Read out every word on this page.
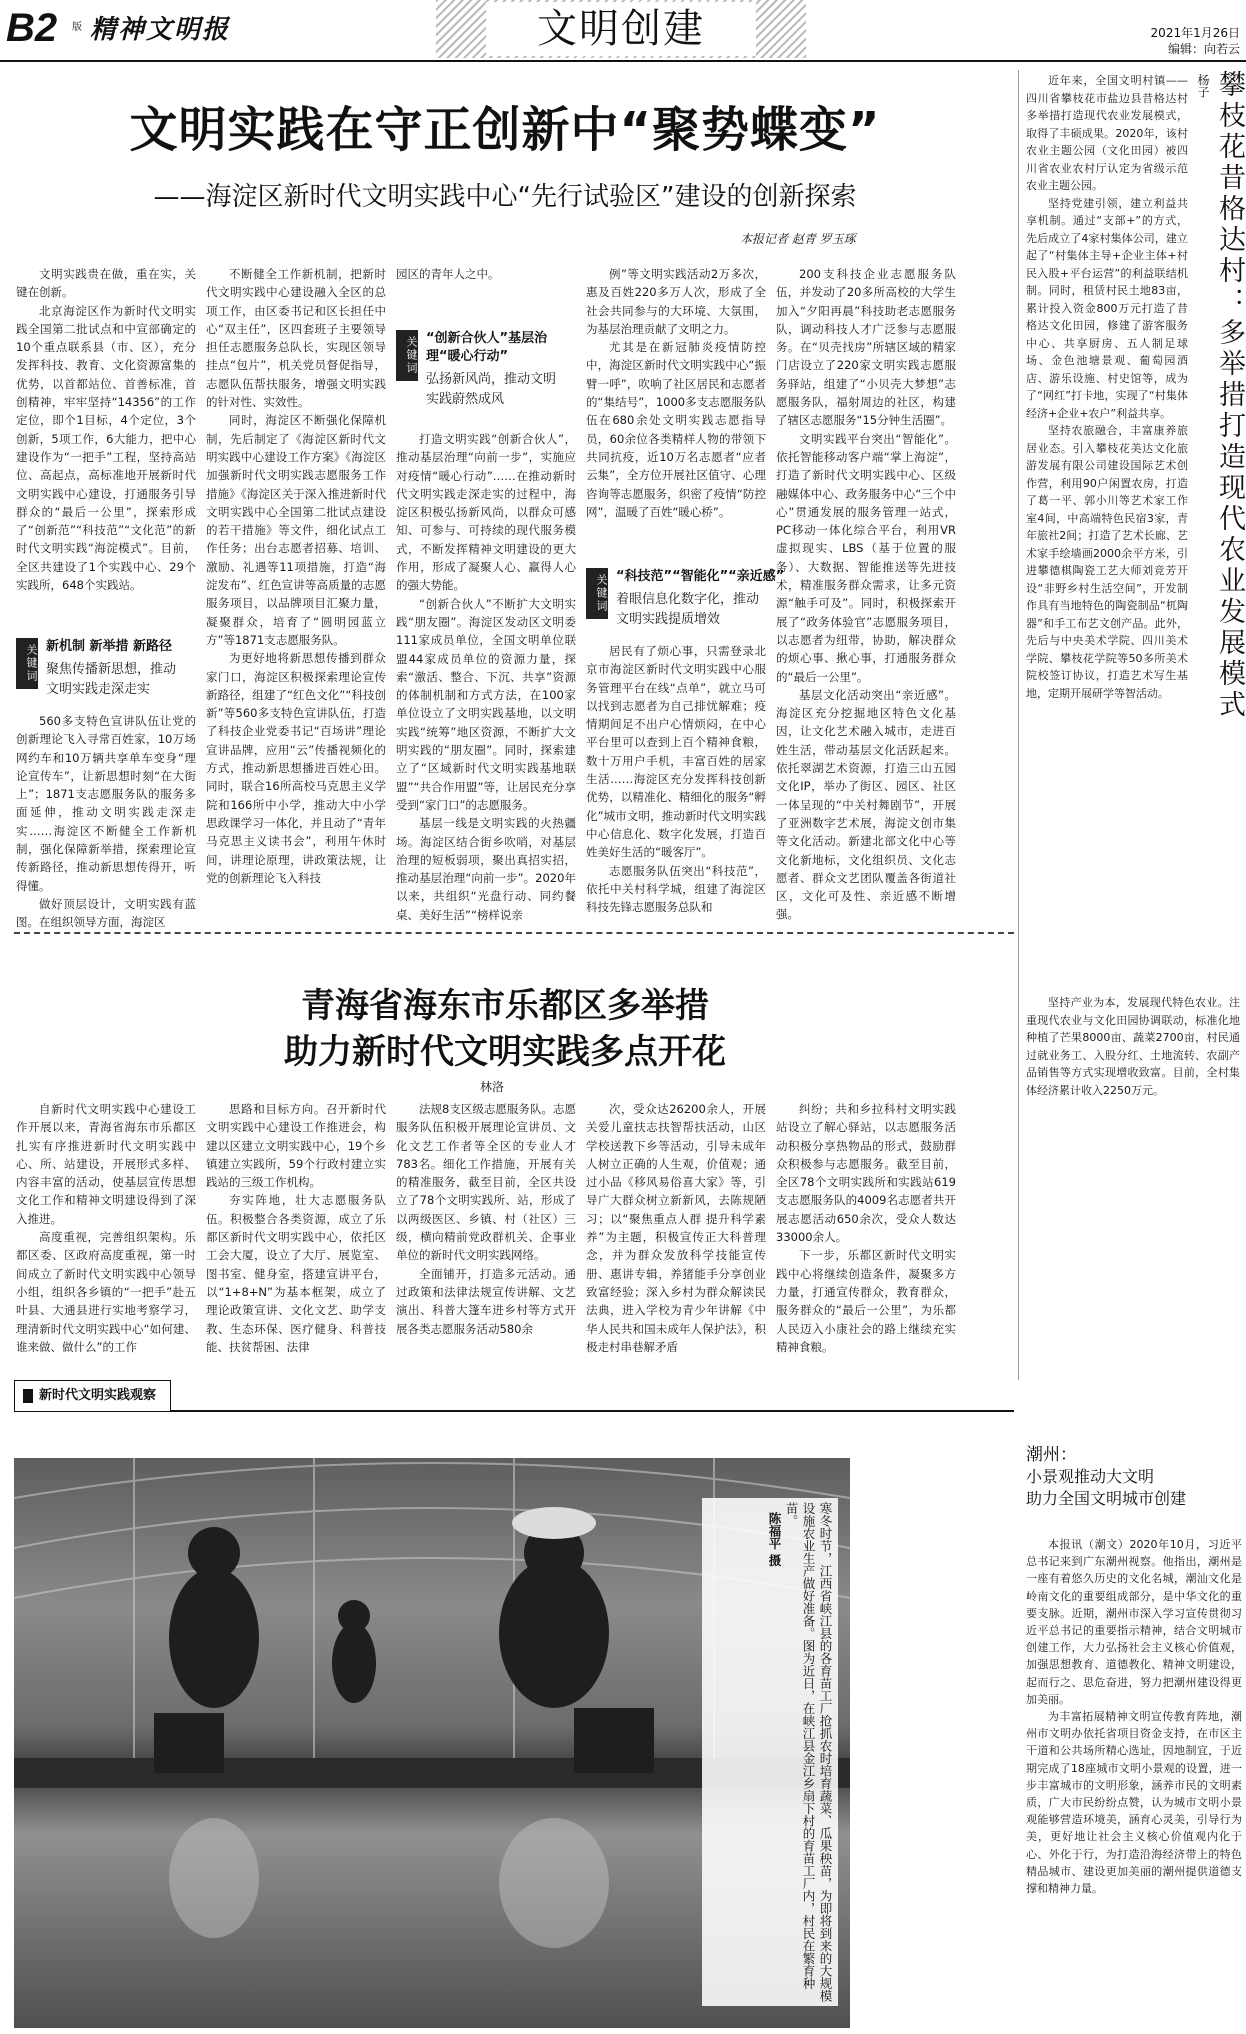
B2 版 精神文明报	文明创建	2021年1月26日
编辑：向若云
文明实践在守正创新中“聚势蝶变”
——海淀区新时代文明实践中心“先行试验区”建设的创新探索
本报记者 赵青 罗玉琢

文明实践贵在做，重在实，关键在创新。

北京海淀区作为新时代文明实践全国第二批试点和中宣部确定的10个重点联系县（市、区），充分发挥科技、教育、文化资源富集的优势，以首都站位、首善标准，首创精神，牢牢坚持“14356”的工作定位，即个1目标，4个定位，3个创新，5项工作，6大能力，把中心建设作为“一把手”工程，坚持高站位、高起点，高标准地开展新时代文明实践中心建设，打通服务引导群众的“最后一公里”，探索形成了“创新范”“科技范”“文化范”的新时代文明实践“海淀模式”。目前，全区共建设了1个实践中心、29个实践所，648个实践站。

关键词 新机制 新举措 新路径
聚焦传播新思想，推动
文明实践走深走实

560多支特色宣讲队伍让党的创新理论飞入寻常百姓家，10万场网约车和10万辆共享单车变身“理论宣传车”，让新思想时刻“在大街上”；1871支志愿服务队的服务多面延伸，推动文明实践走深走实……海淀区不断健全工作新机制，强化保障新举措，探索理论宣传新路径，推动新思想传得开，听得懂。

做好顶层设计，文明实践有蓝图。在组织领导方面，海淀区

不断健全工作新机制，把新时代文明实践中心建设融入全区的总项工作，由区委书记和区长担任中心“双主任”，区四套班子主要领导担任志愿服务总队长，实现区领导挂点“包片”，机关党员督促指导，志愿队伍帮扶服务，增强文明实践的针对性、实效性。

同时，海淀区不断强化保障机制，先后制定了《海淀区新时代文明实践中心建设工作方案》《海淀区加强新时代文明实践志愿服务工作措施》《海淀区关于深入推进新时代文明实践中心全国第二批试点建设的若干措施》等文件，细化试点工作任务；出台志愿者招募、培训、激励、礼遇等11项措施，打造“海淀发布”、红色宣讲等高质量的志愿服务项目，以品牌项目汇聚力量，凝聚群众，培育了“圆明园蓝立方”等1871支志愿服务队。

为更好地将新思想传播到群众家门口，海淀区积极探索理论宣传新路径，组建了“红色文化”“科技创新”等560多支特色宣讲队伍，打造了科技企业党委书记“百场讲”理论宣讲品牌，应用“云”传播视频化的方式，推动新思想播进百姓心田。同时，联合16所高校马克思主义学院和166所中小学，推动大中小学思政课学习一体化，并且动了“青年马克思主义读书会”，利用午休时间，讲理论原理，讲政策法规，让党的创新理论飞入科技

园区的青年人之中。

关键词 “创新合伙人”基层治理“暖心行动”
弘扬新风尚，推动文明
实践蔚然成风

打造文明实践“创新合伙人”，推动基层治理“向前一步”，实施应对疫情“暖心行动”……在推动新时代文明实践走深走实的过程中，海淀区积极弘扬新风尚，以群众可感知、可参与、可持续的现代服务模式，不断发挥精神文明建设的更大作用，形成了凝聚人心、赢得人心的强大势能。

“创新合伙人”不断扩大文明实践“朋友圈”。海淀区发动区文明委111家成员单位，全国文明单位联盟44家成员单位的资源力量，探索“激活、整合、下沉、共享”资源的体制机制和方式方法，在100家单位设立了文明实践基地，以文明实践“统筹”地区资源，不断扩大文明实践的“朋友圈”。同时，探索建立了“区域新时代文明实践基地联盟”“共合作用盟”等，让居民充分享受到“家门口”的志愿服务。

基层一线是文明实践的火热疆场。海淀区结合街乡吹哨，对基层治理的短板弱项，聚出真招实招，推动基层治理“向前一步”。2020年以来，共组织“光盘行动、同约餐桌、美好生活”“榜样说亲

例”等文明实践活动2万多次，惠及百姓220多万人次，形成了全社会共同参与的大环境、大氛围，为基层治理贡献了文明之力。

尤其是在新冠肺炎疫情防控中，海淀区新时代文明实践中心“振臂一呼”，吹响了社区居民和志愿者的“集结号”，1000多支志愿服务队伍在680余处文明实践志愿指导员，60余位各类精样人物的带领下共同抗疫，近10万名志愿者“应者云集”，全方位开展社区值守、心理咨询等志愿服务，织密了疫情“防控网”，温暖了百姓“暖心桥”。

关键词 “科技范”“智能化”“亲近感”
着眼信息化数字化，推动
文明实践提质增效

居民有了烦心事，只需登录北京市海淀区新时代文明实践中心服务管理平台在线“点单”，就立马可以找到志愿者为自己排忧解难；疫情期间足不出户心情烦闷，在中心平台里可以查到上百个精神食粮，数十万用户手机，丰富百姓的居家生活……海淀区充分发挥科技创新优势，以精准化、精细化的服务“孵化”城市文明，推动新时代文明实践中心信息化、数字化发展，打造百姓美好生活的“暖客厅”。

志愿服务队伍突出“科技范”，依托中关村科学城，组建了海淀区科技先锋志愿服务总队和

200支科技企业志愿服务队伍，并发动了20多所高校的大学生加入“夕阳再晨”科技助老志愿服务队，调动科技人才广泛参与志愿服务。在“贝壳找房”所辖区域的精家门店设立了220家文明实践志愿服务驿站，组建了“小贝壳大梦想”志愿服务队，福射周边的社区，构建了辖区志愿服务“15分钟生活圈”。

文明实践平台突出“智能化”。依托智能移动客户端“掌上海淀”，打造了新时代文明实践中心、区级融媒体中心、政务服务中心“三个中心”贯通发展的服务管理一站式，PC移动一体化综合平台，利用VR虚拟现实、LBS（基于位置的服务）、大数据、智能推送等先进技术，精准服务群众需求，让多元资源“触手可及”。同时，积极探索开展了“政务体验官”志愿服务项目，以志愿者为纽带，协助，解决群众的烦心事、揪心事，打通服务群众的“最后一公里”。

基层文化活动突出“亲近感”。海淀区充分挖掘地区特色文化基因，让文化艺术融入城市，走进百姓生活，带动基层文化活跃起来。依托翠湖艺术资源，打造三山五园文化IP，举办了街区、园区、社区一体呈现的“中关村舞剧节”，开展了亚洲数字艺术展，海淀文创市集等文化活动。新建北部文化中心等文化新地标，文化组织员、文化志愿者、群众文艺团队覆盖各街道社区，文化可及性、亲近感不断增强。

杨子 攀枝花昔格达村：多举措打造现代农业发展模式

近年来，全国文明村镇——四川省攀枝花市盐边县昔格达村多举措打造现代农业发展模式，取得了丰硕成果。2020年，该村农业主题公园（文化田园）被四川省农业农村厅认定为省级示范农业主题公园。

坚持党建引领，建立利益共享机制。通过“支部+”的方式，先后成立了4家村集体公司，建立起了“村集体主导+企业主体+村民入股+平台运营”的利益联结机制。同时，租赁村民土地83亩，累计投入资金800万元打造了昔格达文化田园，修建了游客服务中心、共享厨房、五人制足球场、金色池塘景观、葡萄园酒店、游乐设施、村史馆等，成为了“网红”打卡地，实现了“村集体经济+企业+农户”利益共享。

坚持农旅融合，丰富康养旅居业态。引入攀枝花美达文化旅游发展有限公司建设国际艺术创作营，利用90户闲置农房，打造了葛一平、郭小川等艺术家工作室4间，中高端特色民宿3家，青年旅社2间；打造了艺术长廊、艺术家手绘墙画2000余平方米，引进攀德棋陶瓷工艺大师刘竞芳开设“非野乡村生活空间”，开发制作具有当地特色的陶瓷制品“杌陶器”和手工布艺文创产品。此外，先后与中央美术学院、四川美术学院、攀枝花学院等50多所美术院校签订协议，打造艺术写生基地，定期开展研学等智活动。

坚持产业为本，发展现代特色农业。注重现代农业与文化田园协调联动，标准化地种植了芒果8000亩、蔬菜2700亩，村民通过就业务工、入股分红、土地流转、农副产品销售等方式实现增收致富。目前，全村集体经济累计收入2250万元。

青海省海东市乐都区多举措
助力新时代文明实践多点开花
林洛

自新时代文明实践中心建设工作开展以来，青海省海东市乐都区扎实有序推进新时代文明实践中心、所、站建设，开展形式多样、内容丰富的活动，使基层宣传思想文化工作和精神文明建设得到了深入推进。

高度重视，完善组织架构。乐都区委、区政府高度重视，第一时间成立了新时代文明实践中心领导小组，组织各乡镇的“一把手”赴五叶县、大通县进行实地考察学习，理清新时代文明实践中心“如何建、谁来做、做什么”的工作

思路和目标方向。召开新时代文明实践中心建设工作推进会，构建以区建立文明实践中心，19个乡镇建立实践所，59个行政村建立实践站的三级工作机构。

夯实阵地，壮大志愿服务队伍。积极整合各类资源，成立了乐都区新时代文明实践中心，依托区工会大厦，设立了大厅、展览室、图书室、健身室，搭建宣讲平台，以“1+8+N”为基本框架，成立了理论政策宣讲、文化文艺、助学支教、生态环保、医疗健身、科普技能、扶贫帮困、法律

法规8支区级志愿服务队。志愿服务队伍积极开展理论宣讲员、文化文艺工作者等全区的专业人才783名。细化工作措施，开展有关的精准服务，截至目前，全区共设立了78个文明实践所、站，形成了以两级医区、乡镇、村（社区）三级，横向精前党政群机关、企事业单位的新时代文明实践网络。

全面铺开，打造多元活动。通过政策和法律法规宣传讲解、文艺演出、科普大篷车进乡村等方式开展各类志愿服务活动580余

次，受众达26200余人，开展关爱儿童扶志扶智帮扶活动，山区学校送教下乡等活动，引导未成年人树立正确的人生观，价值观；通过小品《移风易俗喜大家》等，引导广大群众树立新新风，去陈规陋习；以“聚焦重点人群 提升科学素养”为主题，积极宣传正大科普理念，并为群众发放科学技能宣传册、惠讲专辑，养猪能手分享创业致富经验；深入乡村为群众解读民法典，进入学校为青少年讲解《中华人民共和国未成年人保护法》，积极走村串巷解矛盾

纠纷；共和乡拉科村文明实践站设立了解心驿站，以志愿服务活动积极分享热物品的形式，鼓励群众积极参与志愿服务。截至目前，全区78个文明实践所和实践站619支志愿服务队的4009名志愿者共开展志愿活动650余次，受众人数达33000余人。

下一步，乐都区新时代文明实践中心将继续创造条件，凝聚多方力量，打通宣传群众，教育群众，服务群众的“最后一公里”，为乐都人民迈入小康社会的路上继续充实精神食粮。

新时代文明实践观察
寒冬时节，江西省峡江县的各育苗工厂抢抓农时培育蔬菜、瓜果秧苗，为即将到来的大规模设施农业生产做好准备。图为近日，在峡江县金江乡扇下村的育苗工厂内，村民在繁育种苗。
陈福平 摄
潮州：
小景观推动大文明
助力全国文明城市创建

本报讯（潮文）2020年10月，习近平总书记来到广东潮州视察。他指出，潮州是一座有着悠久历史的文化名城，潮汕文化是岭南文化的重要组成部分，是中华文化的重要支脉。近期，潮州市深入学习宣传贯彻习近平总书记的重要指示精神，结合文明城市创建工作，大力弘扬社会主义核心价值观，加强思想教育、道德教化、精神文明建设，起而行之、思危奋进，努力把潮州建设得更加美丽。

为丰富拓展精神文明宣传教育阵地，潮州市文明办依托省项目资金支持，在市区主干道和公共场所精心选址，因地制宜，于近期完成了18座城市文明小景观的设置，进一步丰富城市的文明形象，涵养市民的文明素质，广大市民纷纷点赞，认为城市文明小景观能够营造环境美，涵育心灵美，引导行为美，更好地让社会主义核心价值观内化于心、外化于行，为打造沿海经济带上的特色精品城市、建设更加美丽的潮州提供道德支撑和精神力量。
